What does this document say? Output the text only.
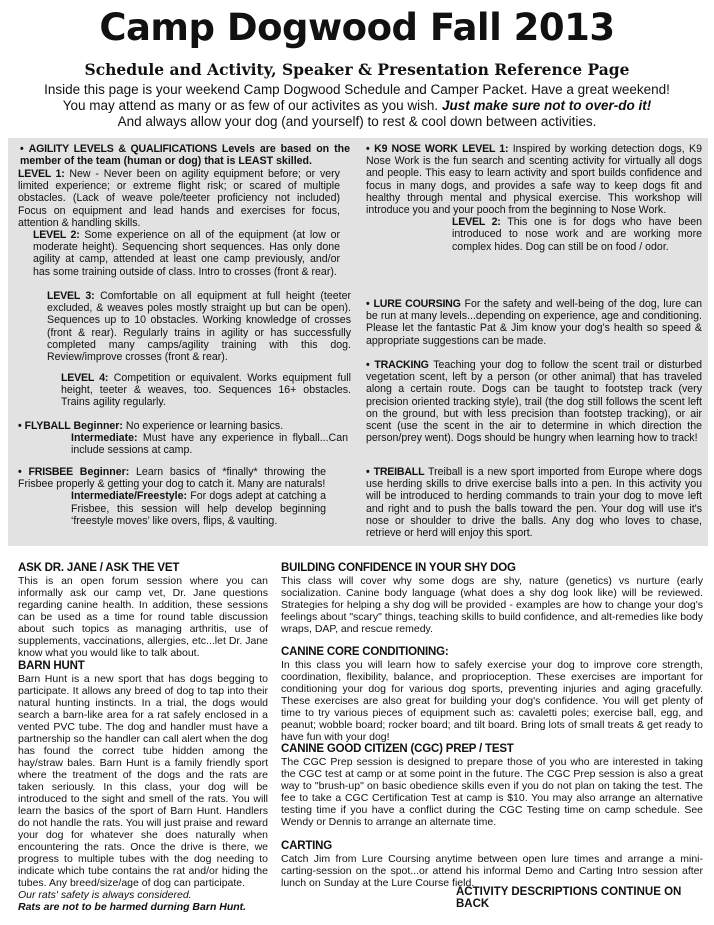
Camp Dogwood Fall 2013
Schedule and Activity, Speaker & Presentation Reference Page
Inside this page is your weekend Camp Dogwood Schedule and Camper Packet. Have a great weekend!
You may attend as many or as few of our activites as you wish. Just make sure not to over-do it!
And always allow your dog (and yourself) to rest & cool down between activities.

• AGILITY LEVELS & QUALIFICATIONS Levels are based on the member of the team (human or dog) that is LEAST skilled.

LEVEL 1: New - Never been on agility equipment before; or very limited experience; or extreme flight risk; or scared of multiple obstacles. (Lack of weave pole/teeter proficiency not included) Focus on equipment and lead hands and exercises for focus, attention & handling skills.

LEVEL 2: Some experience on all of the equipment (at low or moderate height). Sequencing short sequences. Has only done agility at camp, attended at least one camp previously, and/or has some training outside of class. Intro to crosses (front & rear).

LEVEL 3: Comfortable on all equipment at full height (teeter excluded, & weaves poles mostly straight up but can be open). Sequences up to 10 obstacles. Working knowledge of crosses (front & rear). Regularly trains in agility or has successfully completed many camps/agility training with this dog. Review/improve crosses (front & rear).

LEVEL 4: Competition or equivalent. Works equipment full height, teeter & weaves, too. Sequences 16+ obstacles. Trains agility regularly.

• FLYBALL Beginner: No experience or learning basics.

Intermediate: Must have any experience in flyball...Can include sessions at camp.

• FRISBEE Beginner: Learn basics of *finally* throwing the Frisbee properly & getting your dog to catch it. Many are naturals!

Intermediate/Freestyle: For dogs adept at catching a Frisbee, this session will help develop beginning ‘freestyle moves’ like overs, flips, & vaulting.

• K9 NOSE WORK LEVEL 1: Inspired by working detection dogs, K9 Nose Work is the fun search and scenting activity for virtually all dogs and people. This easy to learn activity and sport builds confidence and focus in many dogs, and provides a safe way to keep dogs fit and healthy through mental and physical exercise. This workshop will introduce you and your pooch from the beginning to Nose Work.

LEVEL 2: This one is for dogs who have been introduced to nose work and are working more complex hides. Dog can still be on food / odor.

• LURE COURSING For the safety and well-being of the dog, lure can be run at many levels...depending on experience, age and conditioning. Please let the fantastic Pat & Jim know your dog's health so speed & appropriate suggestions can be made.

• TRACKING Teaching your dog to follow the scent trail or disturbed vegetation scent, left by a person (or other animal) that has traveled along a certain route. Dogs can be taught to footstep track (very precision oriented tracking style), trail (the dog still follows the scent left on the ground, but with less precision than footstep tracking), or air scent (use the scent in the air to determine in which direction the person/prey went). Dogs should be hungry when learning how to track!

• TREIBALL Treiball is a new sport imported from Europe where dogs use herding skills to drive exercise balls into a pen. In this activity you will be introduced to herding commands to train your dog to move left and right and to push the balls toward the pen. Your dog will use it's nose or shoulder to drive the balls. Any dog who loves to chase, retrieve or herd will enjoy this sport.

ASK DR. JANE / ASK THE VET

This is an open forum session where you can informally ask our camp vet, Dr. Jane questions regarding canine health. In addition, these sessions can be used as a time for round table discussion about such topics as managing arthritis, use of supplements, vaccinations, allergies, etc...let Dr. Jane know what you would like to talk about.

BARN HUNT

Barn Hunt is a new sport that has dogs begging to participate. It allows any breed of dog to tap into their natural hunting instincts. In a trial, the dogs would search a barn-like area for a rat safely enclosed in a vented PVC tube. The dog and handler must have a partnership so the handler can call alert when the dog has found the correct tube hidden among the hay/straw bales. Barn Hunt is a family friendly sport where the treatment of the dogs and the rats are taken seriously. In this class, your dog will be introduced to the sight and smell of the rats. You will learn the basics of the sport of Barn Hunt. Handlers do not handle the rats. You will just praise and reward your dog for whatever she does naturally when encountering the rats. Once the drive is there, we progress to multiple tubes with the dog needing to indicate which tube contains the rat and/or hiding the tubes. Any breed/size/age of dog can participate.

Our rats' safety is always considered.

Rats are not to be harmed durning Barn Hunt.

BUILDING CONFIDENCE IN YOUR SHY DOG

This class will cover why some dogs are shy, nature (genetics) vs nurture (early socialization. Canine body language (what does a shy dog look like) will be reviewed. Strategies for helping a shy dog will be provided - examples are how to change your dog's feelings about "scary" things, teaching skills to build confidence, and alt-remedies like body wraps, DAP, and rescue remedy.

CANINE CORE CONDITIONING:

In this class you will learn how to safely exercise your dog to improve core strength, coordination, flexibility, balance, and proprioception. These exercises are important for conditioning your dog for various dog sports, preventing injuries and aging gracefully. These exercises are also great for building your dog's confidence. You will get plenty of time to try various pieces of equipment such as: cavaletti poles; exercise ball, egg, and peanut; wobble board; rocker board; and tilt board. Bring lots of small treats & get ready to have fun with your dog!

CANINE GOOD CITIZEN (CGC) PREP / TEST

The CGC Prep session is designed to prepare those of you who are interested in taking the CGC test at camp or at some point in the future. The CGC Prep session is also a great way to "brush-up" on basic obedience skills even if you do not plan on taking the test. The fee to take a CGC Certification Test at camp is $10. You may also arrange an alternative testing time if you have a conflict during the CGC Testing time on camp schedule. See Wendy or Dennis to arrange an alternate time.

CARTING

Catch Jim from Lure Coursing anytime between open lure times and arrange a mini-carting-session on the spot...or attend his informal Demo and Carting Intro session after lunch on Sunday at the Lure Course field.

ACTIVITY DESCRIPTIONS CONTINUE ON BACK
